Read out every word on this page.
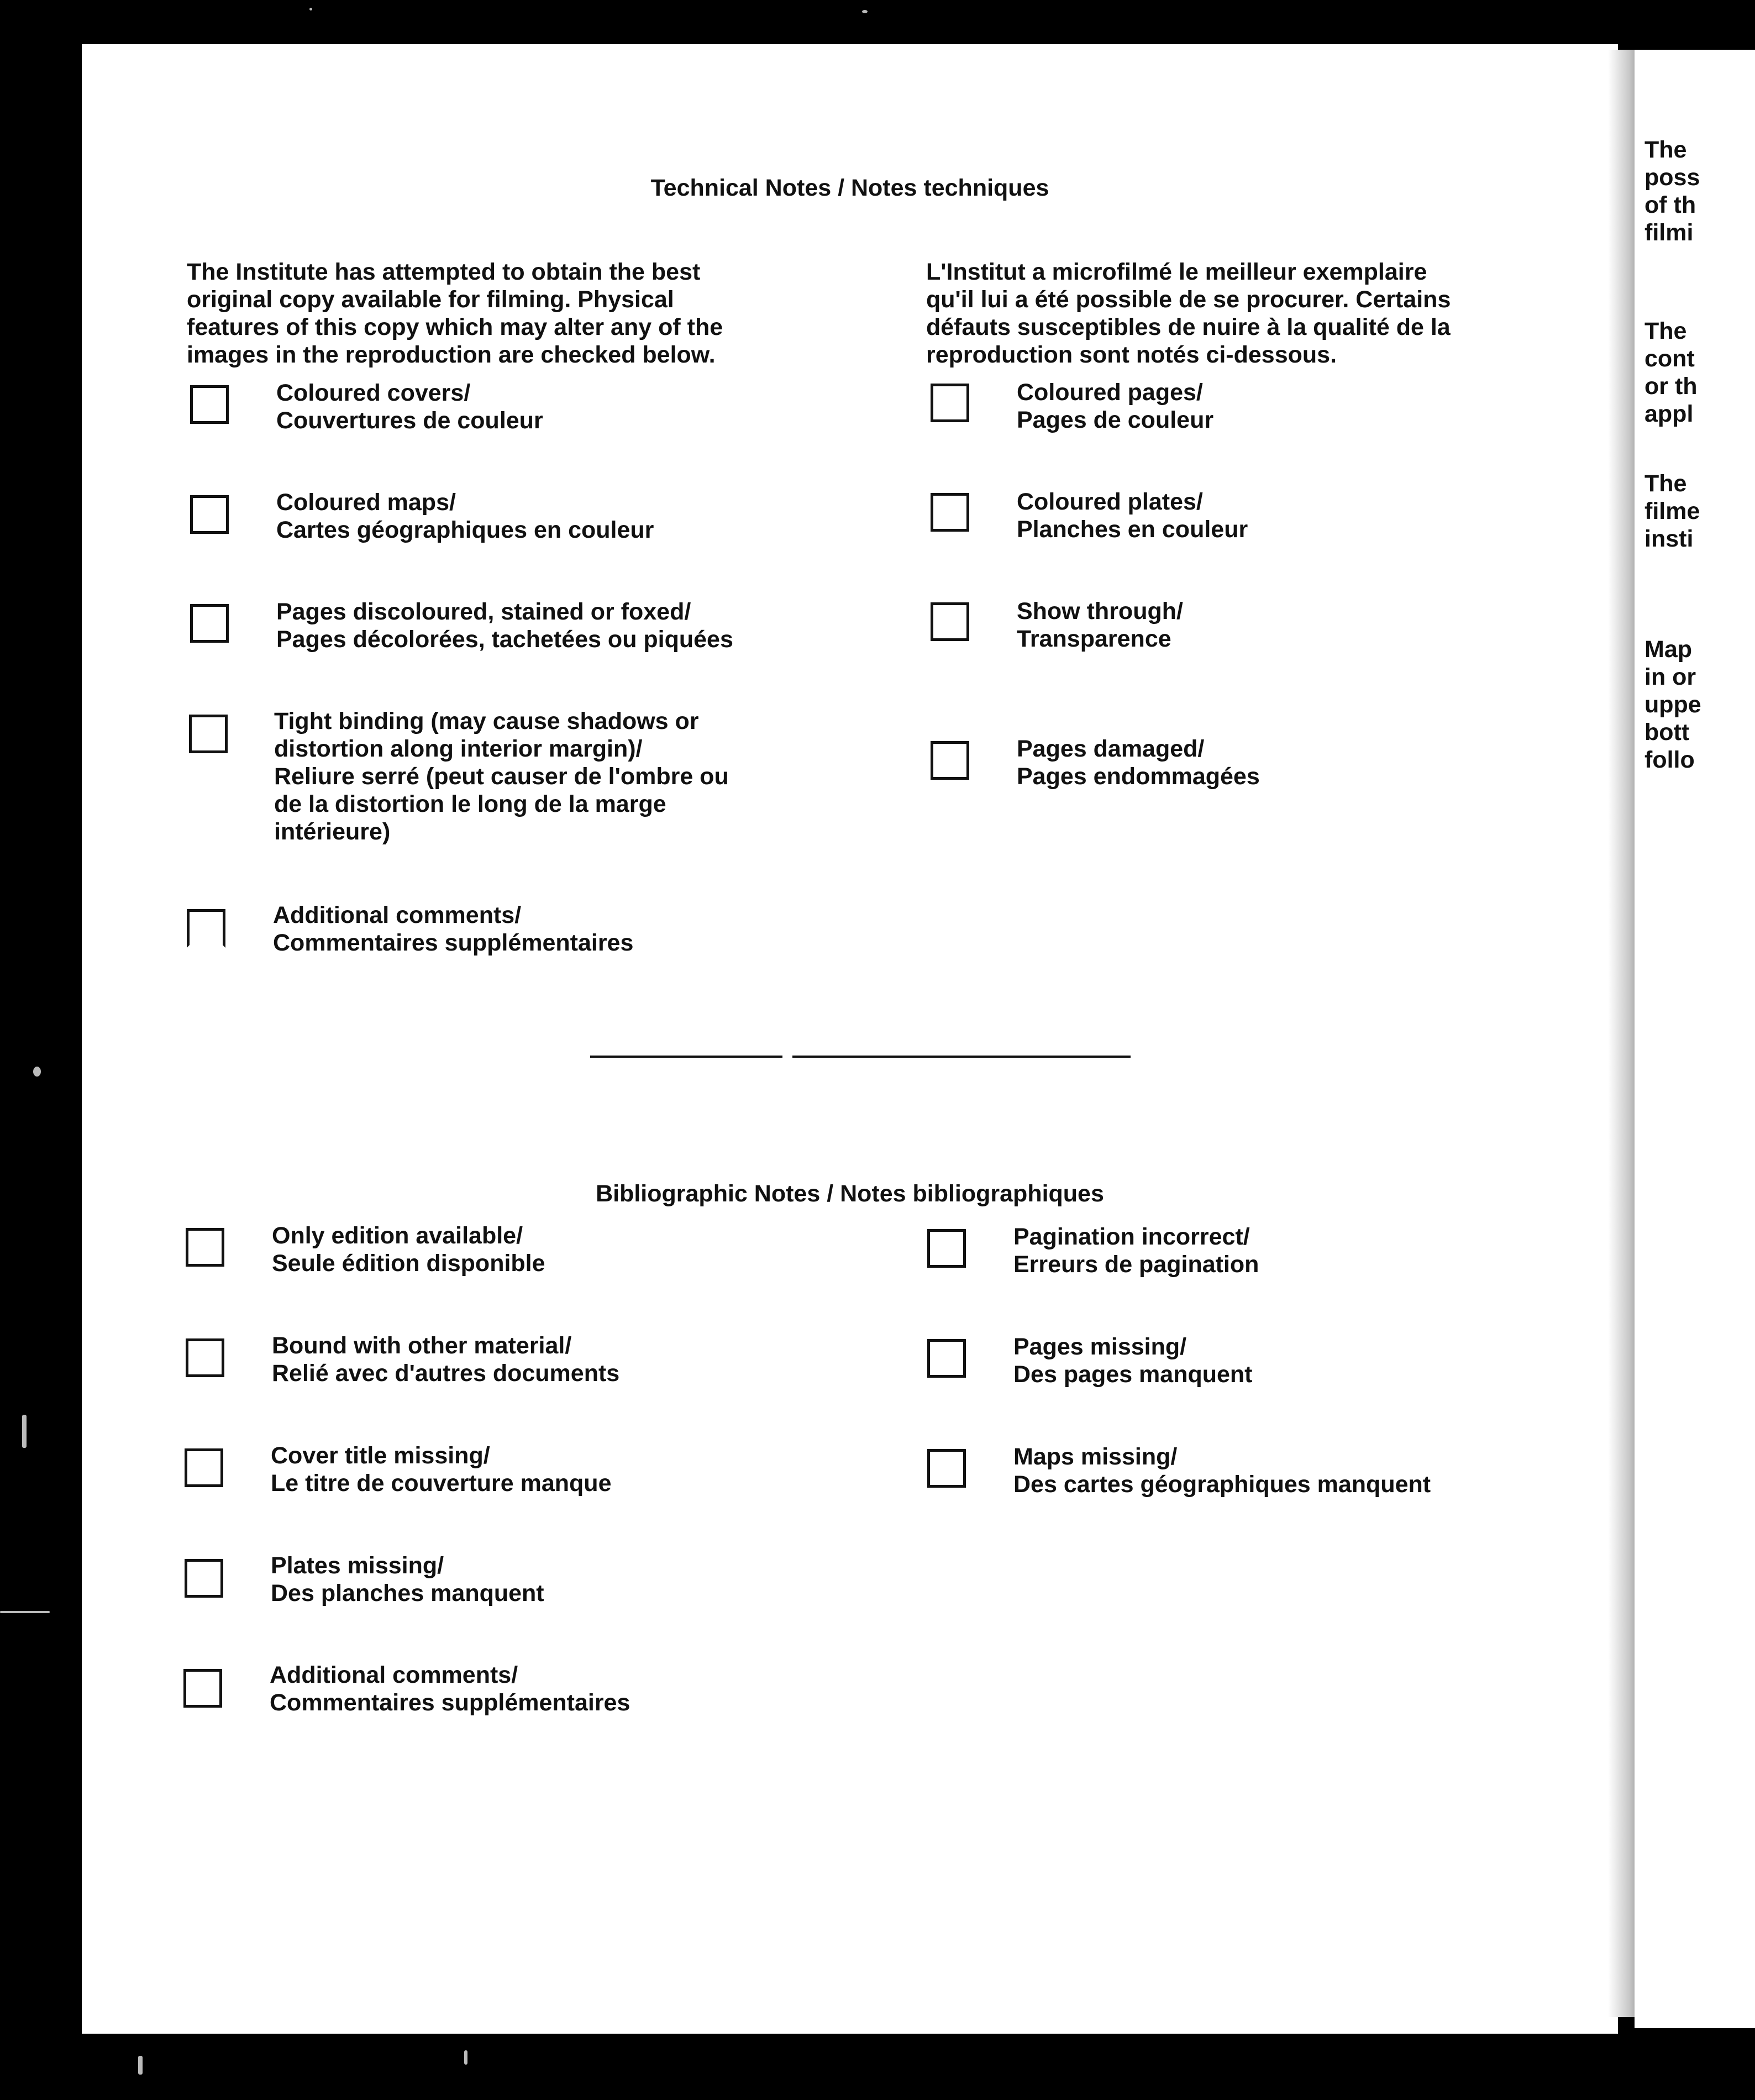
Technical Notes / Notes techniques
The Institute has attempted to obtain the best
original copy available for filming. Physical
features of this copy which may alter any of the
images in the reproduction are checked below.
L'Institut a microfilmé le meilleur exemplaire
qu'il lui a été possible de se procurer. Certains
défauts susceptibles de nuire à la qualité de la
reproduction sont notés ci-dessous.
Coloured covers/
Couvertures de couleur
Coloured maps/
Cartes géographiques en couleur
Pages discoloured, stained or foxed/
Pages décolorées, tachetées ou piquées
Tight binding (may cause shadows or
distortion along interior margin)/
Reliure serré (peut causer de l'ombre ou
de la distortion le long de la marge
intérieure)
Additional comments/
Commentaires supplémentaires
Coloured pages/
Pages de couleur
Coloured plates/
Planches en couleur
Show through/
Transparence
Pages damaged/
Pages endommagées
Bibliographic Notes / Notes bibliographiques
Only edition available/
Seule édition disponible
Bound with other material/
Relié avec d'autres documents
Cover title missing/
Le titre de couverture manque
Plates missing/
Des planches manquent
Additional comments/
Commentaires supplémentaires
Pagination incorrect/
Erreurs de pagination
Pages missing/
Des pages manquent
Maps missing/
Des cartes géographiques manquent
The
poss
of th
filmi
The
cont
or th
appl
The
filme
insti
Map
in or
uppe
bott
follo
